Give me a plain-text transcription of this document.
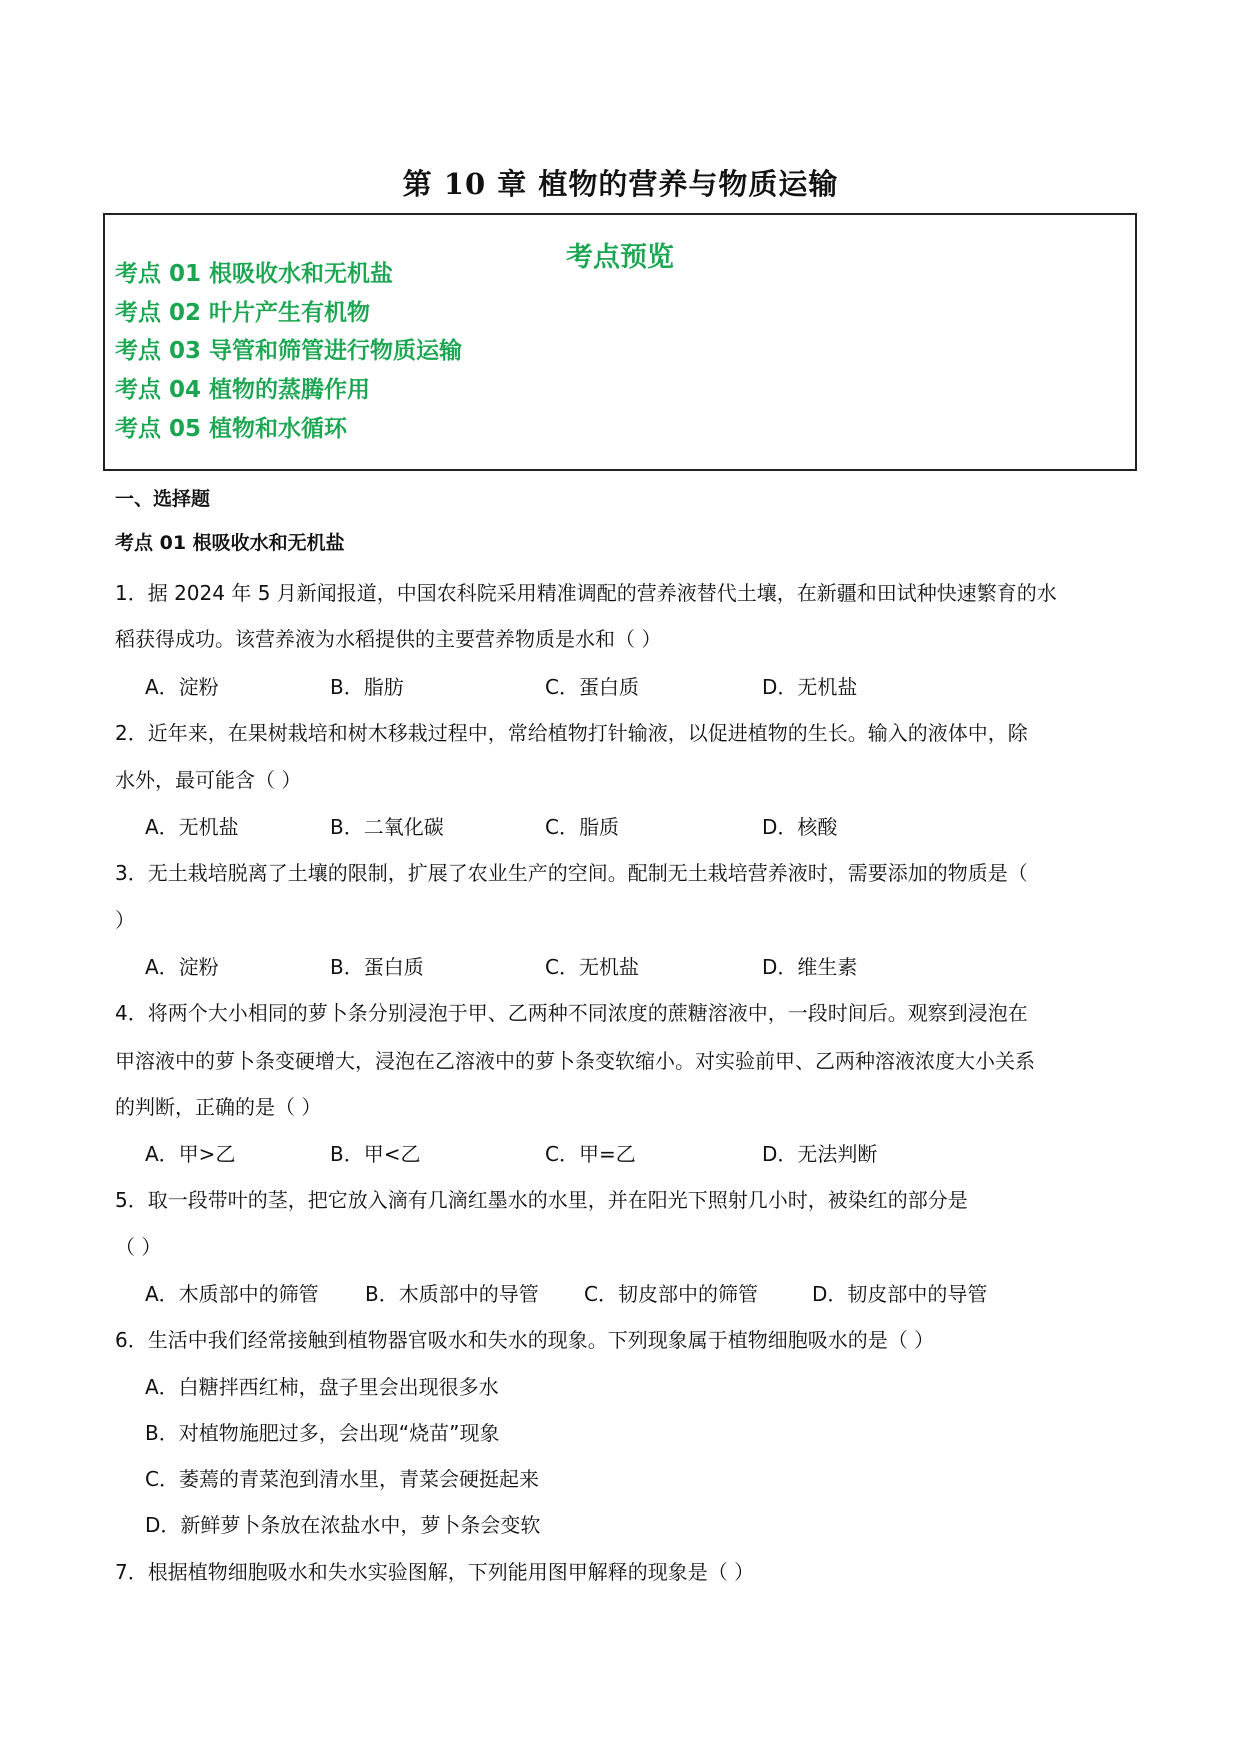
第 10 章 植物的营养与物质运输
考点预览
考点 01 根吸收水和无机盐
考点 02 叶片产生有机物
考点 03 导管和筛管进行物质运输
考点 04 植物的蒸腾作用
考点 05 植物和水循环
一、选择题
考点 01 根吸收水和无机盐
1．据 2024 年 5 月新闻报道，中国农科院采用精准调配的营养液替代土壤，在新疆和田试种快速繁育的水
稻获得成功。该营养液为水稻提供的主要营养物质是水和（ ）
A．淀粉	B．脂肪	C．蛋白质	D．无机盐
2．近年来，在果树栽培和树木移栽过程中，常给植物打针输液，以促进植物的生长。输入的液体中，除
水外，最可能含（ ）
A．无机盐	B．二氧化碳	C．脂质	D．核酸
3．无土栽培脱离了土壤的限制，扩展了农业生产的空间。配制无土栽培营养液时，需要添加的物质是（
）
A．淀粉	B．蛋白质	C．无机盐	D．维生素
4．将两个大小相同的萝卜条分别浸泡于甲、乙两种不同浓度的蔗糖溶液中，一段时间后。观察到浸泡在
甲溶液中的萝卜条变硬增大，浸泡在乙溶液中的萝卜条变软缩小。对实验前甲、乙两种溶液浓度大小关系
的判断，正确的是（ ）
A．甲>乙	B．甲<乙	C．甲=乙	D．无法判断
5．取一段带叶的茎，把它放入滴有几滴红墨水的水里，并在阳光下照射几小时，被染红的部分是
（ ）
A．木质部中的筛管 B．木质部中的导管 C．韧皮部中的筛管	D．韧皮部中的导管
6．生活中我们经常接触到植物器官吸水和失水的现象。下列现象属于植物细胞吸水的是（ ）
A．白糖拌西红柿，盘子里会出现很多水
B．对植物施肥过多，会出现“烧苗”现象
C．萎蔫的青菜泡到清水里，青菜会硬挺起来
D．新鲜萝卜条放在浓盐水中，萝卜条会变软
7．根据植物细胞吸水和失水实验图解，下列能用图甲解释的现象是（ ）
